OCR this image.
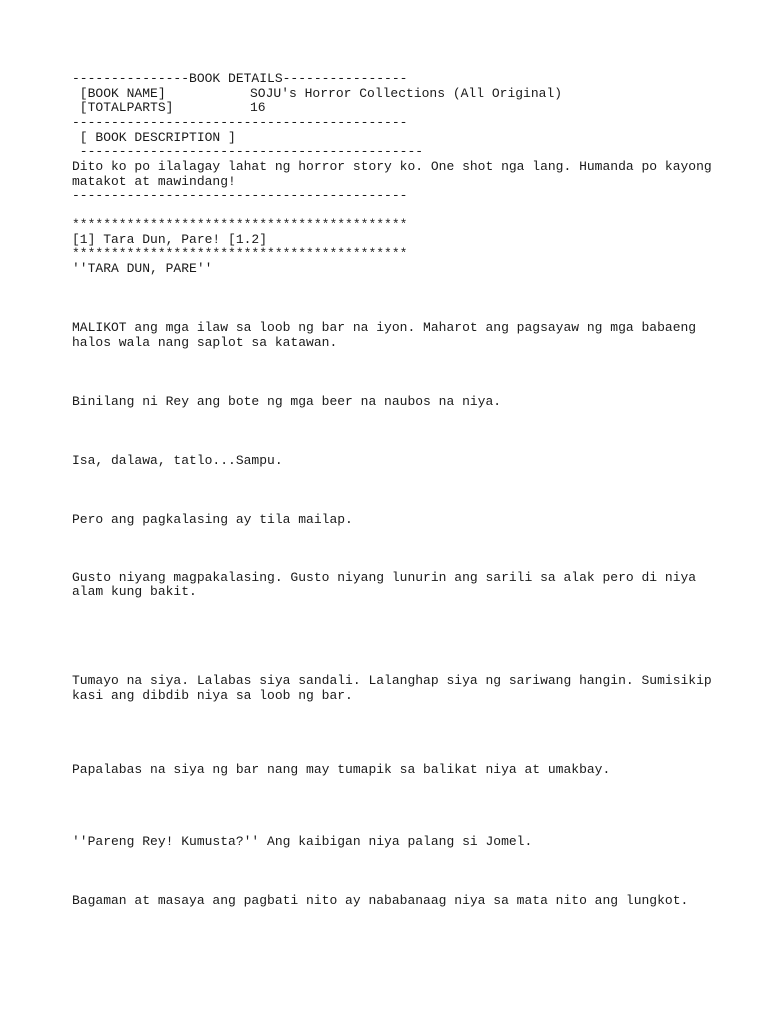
---------------BOOK DETAILS----------------
[BOOK NAME]	SOJU's Horror Collections (All Original)
[TOTALPARTS]	16
-------------------------------------------
[ BOOK DESCRIPTION ]
--------------------------------------------
Dito ko po ilalagay lahat ng horror story ko. One shot nga lang. Humanda po kayong
matakot at mawindang!
-------------------------------------------
*******************************************
[1] Tara Dun, Pare! [1.2]
*******************************************
''TARA DUN, PARE''
MALIKOT ang mga ilaw sa loob ng bar na iyon. Maharot ang pagsayaw ng mga babaeng
halos wala nang saplot sa katawan.
Binilang ni Rey ang bote ng mga beer na naubos na niya.
Isa, dalawa, tatlo...Sampu.
Pero ang pagkalasing ay tila mailap.
Gusto niyang magpakalasing. Gusto niyang lunurin ang sarili sa alak pero di niya
alam kung bakit.
Tumayo na siya. Lalabas siya sandali. Lalanghap siya ng sariwang hangin. Sumisikip
kasi ang dibdib niya sa loob ng bar.
Papalabas na siya ng bar nang may tumapik sa balikat niya at umakbay.
''Pareng Rey! Kumusta?'' Ang kaibigan niya palang si Jomel.
Bagaman at masaya ang pagbati nito ay nababanaag niya sa mata nito ang lungkot.
